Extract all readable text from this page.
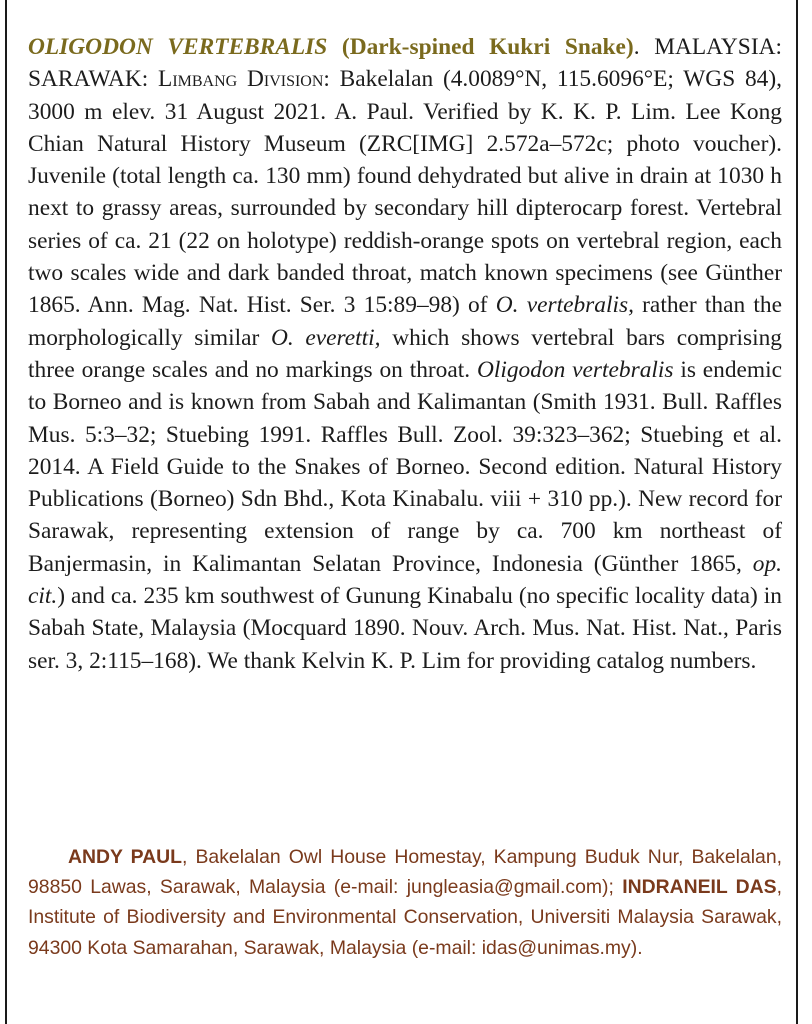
OLIGODON VERTEBRALIS (Dark-spined Kukri Snake). MALAYSIA: SARAWAK: Limbang Division: Bakelalan (4.0089°N, 115.6096°E; WGS 84), 3000 m elev. 31 August 2021. A. Paul. Verified by K. K. P. Lim. Lee Kong Chian Natural History Museum (ZRC[IMG] 2.572a–572c; photo voucher). Juvenile (total length ca. 130 mm) found dehydrated but alive in drain at 1030 h next to grassy areas, surrounded by secondary hill dipterocarp forest. Vertebral series of ca. 21 (22 on holotype) reddish-orange spots on vertebral region, each two scales wide and dark banded throat, match known specimens (see Günther 1865. Ann. Mag. Nat. Hist. Ser. 3 15:89–98) of O. vertebralis, rather than the morphologically similar O. everetti, which shows vertebral bars comprising three orange scales and no markings on throat. Oligodon vertebralis is endemic to Borneo and is known from Sabah and Kalimantan (Smith 1931. Bull. Raffles Mus. 5:3–32; Stuebing 1991. Raffles Bull. Zool. 39:323–362; Stuebing et al. 2014. A Field Guide to the Snakes of Borneo. Second edition. Natural History Publications (Borneo) Sdn Bhd., Kota Kinabalu. viii + 310 pp.). New record for Sarawak, representing extension of range by ca. 700 km northeast of Banjermasin, in Kalimantan Selatan Province, Indonesia (Günther 1865, op. cit.) and ca. 235 km southwest of Gunung Kinabalu (no specific locality data) in Sabah State, Malaysia (Mocquard 1890. Nouv. Arch. Mus. Nat. Hist. Nat., Paris ser. 3, 2:115–168). We thank Kelvin K. P. Lim for providing catalog numbers.

ANDY PAUL, Bakelalan Owl House Homestay, Kampung Buduk Nur, Bakelalan, 98850 Lawas, Sarawak, Malaysia (e-mail: jungleasia@gmail.com); INDRANEIL DAS, Institute of Biodiversity and Environmental Conservation, Universiti Malaysia Sarawak, 94300 Kota Samarahan, Sarawak, Malaysia (e-mail: idas@unimas.my).
